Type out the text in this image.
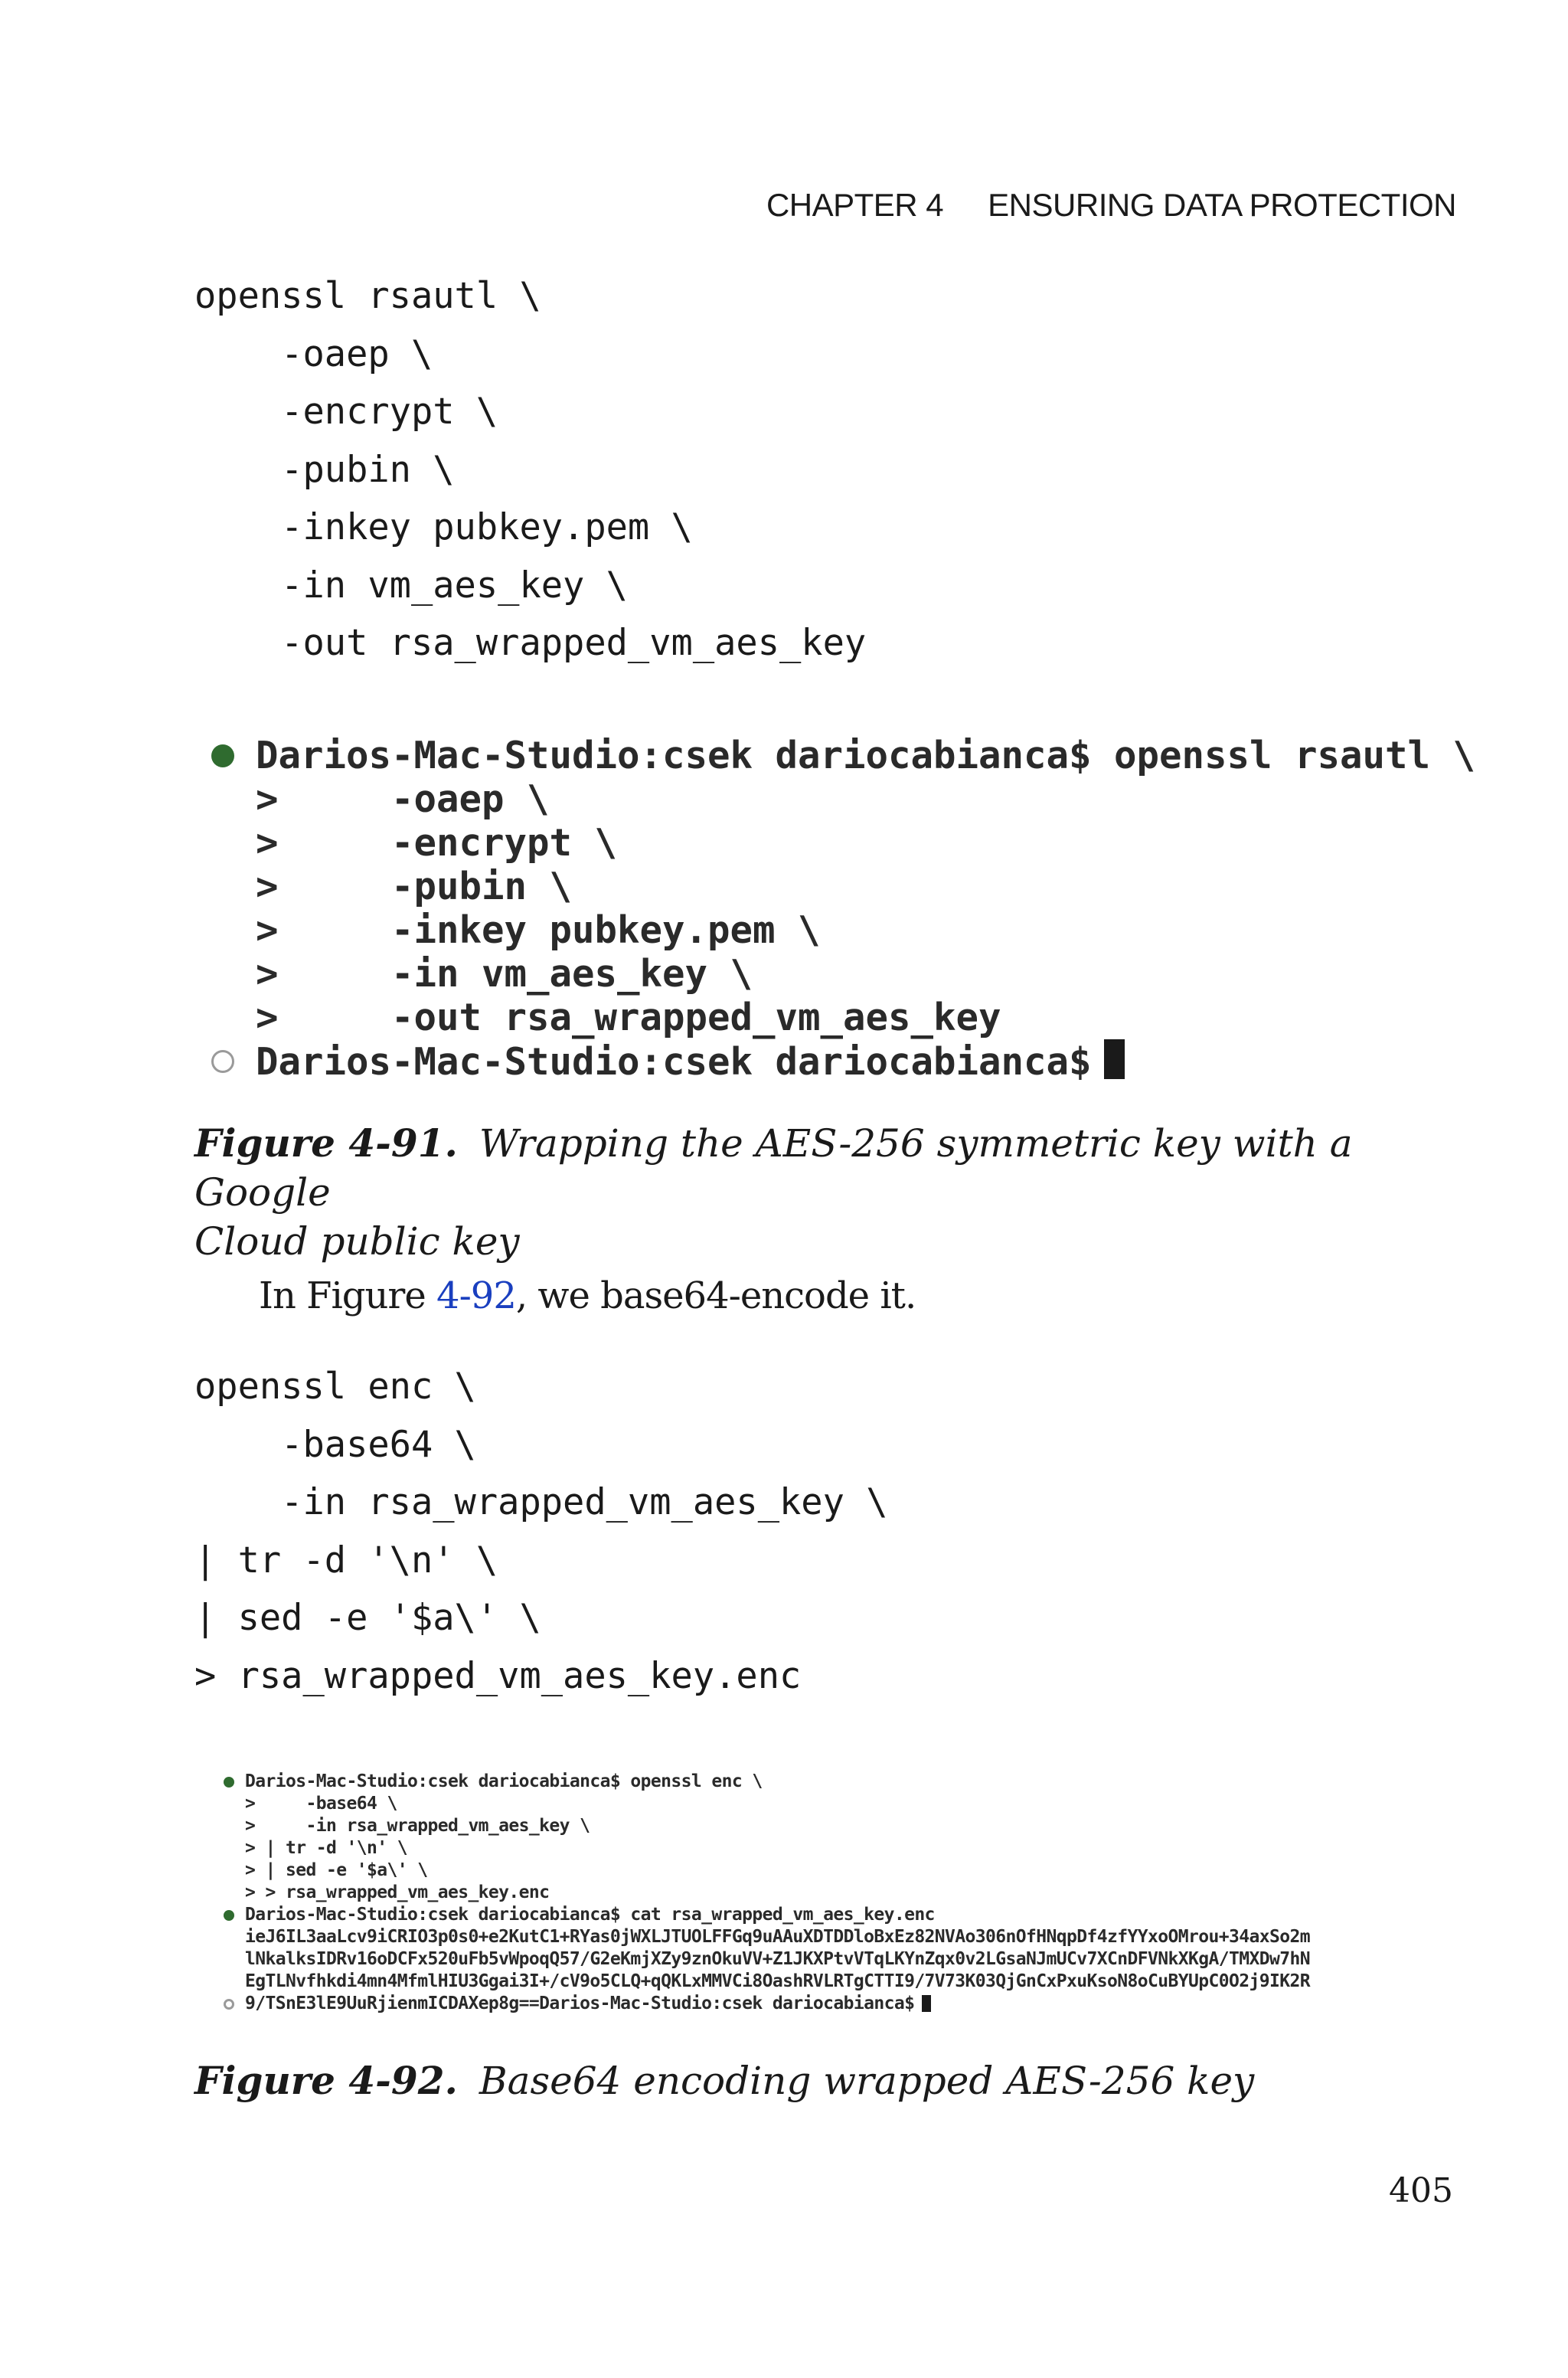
CHAPTER 4 ENSURING DATA PROTECTION
openssl rsautl \
-oaep \
-encrypt \
-pubin \
-inkey pubkey.pem \
-in vm_aes_key \
-out rsa_wrapped_vm_aes_key
Darios-Mac-Studio:csek dariocabianca$ openssl rsautl \
>     -oaep \
>     -encrypt \
>     -pubin \
>     -inkey pubkey.pem \
>     -in vm_aes_key \
>     -out rsa_wrapped_vm_aes_key
Darios-Mac-Studio:csek dariocabianca$
Figure 4-91. Wrapping the AES-256 symmetric key with a Google
Cloud public key
In Figure 4-92, we base64-encode it.
openssl enc \
-base64 \
-in rsa_wrapped_vm_aes_key \
| tr -d '\n' \
| sed -e '$a\' \
> rsa_wrapped_vm_aes_key.enc
Darios-Mac-Studio:csek dariocabianca$ openssl enc \
>     -base64 \
>     -in rsa_wrapped_vm_aes_key \
> | tr -d '\n' \
> | sed -e '$a\' \
> > rsa_wrapped_vm_aes_key.enc
Darios-Mac-Studio:csek dariocabianca$ cat rsa_wrapped_vm_aes_key.enc
ieJ6IL3aaLcv9iCRIO3p0s0+e2KutC1+RYas0jWXLJTUOLFFGq9uAAuXDTDDloBxEz82NVAo306nOfHNqpDf4zfYYxoOMrou+34axSo2m
lNkalksIDRv16oDCFx520uFb5vWpoqQ57/G2eKmjXZy9znOkuVV+Z1JKXPtvVTqLKYnZqx0v2LGsaNJmUCv7XCnDFVNkXKgA/TMXDw7hN
EgTLNvfhkdi4mn4MfmlHIU3Ggai3I+/cV9o5CLQ+qQKLxMMVCi8OashRVLRTgCTTI9/7V73K03QjGnCxPxuKsoN8oCuBYUpC0O2j9IK2R
9/TSnE3lE9UuRjienmICDAXep8g==Darios-Mac-Studio:csek dariocabianca$
Figure 4-92. Base64 encoding wrapped AES-256 key
405
